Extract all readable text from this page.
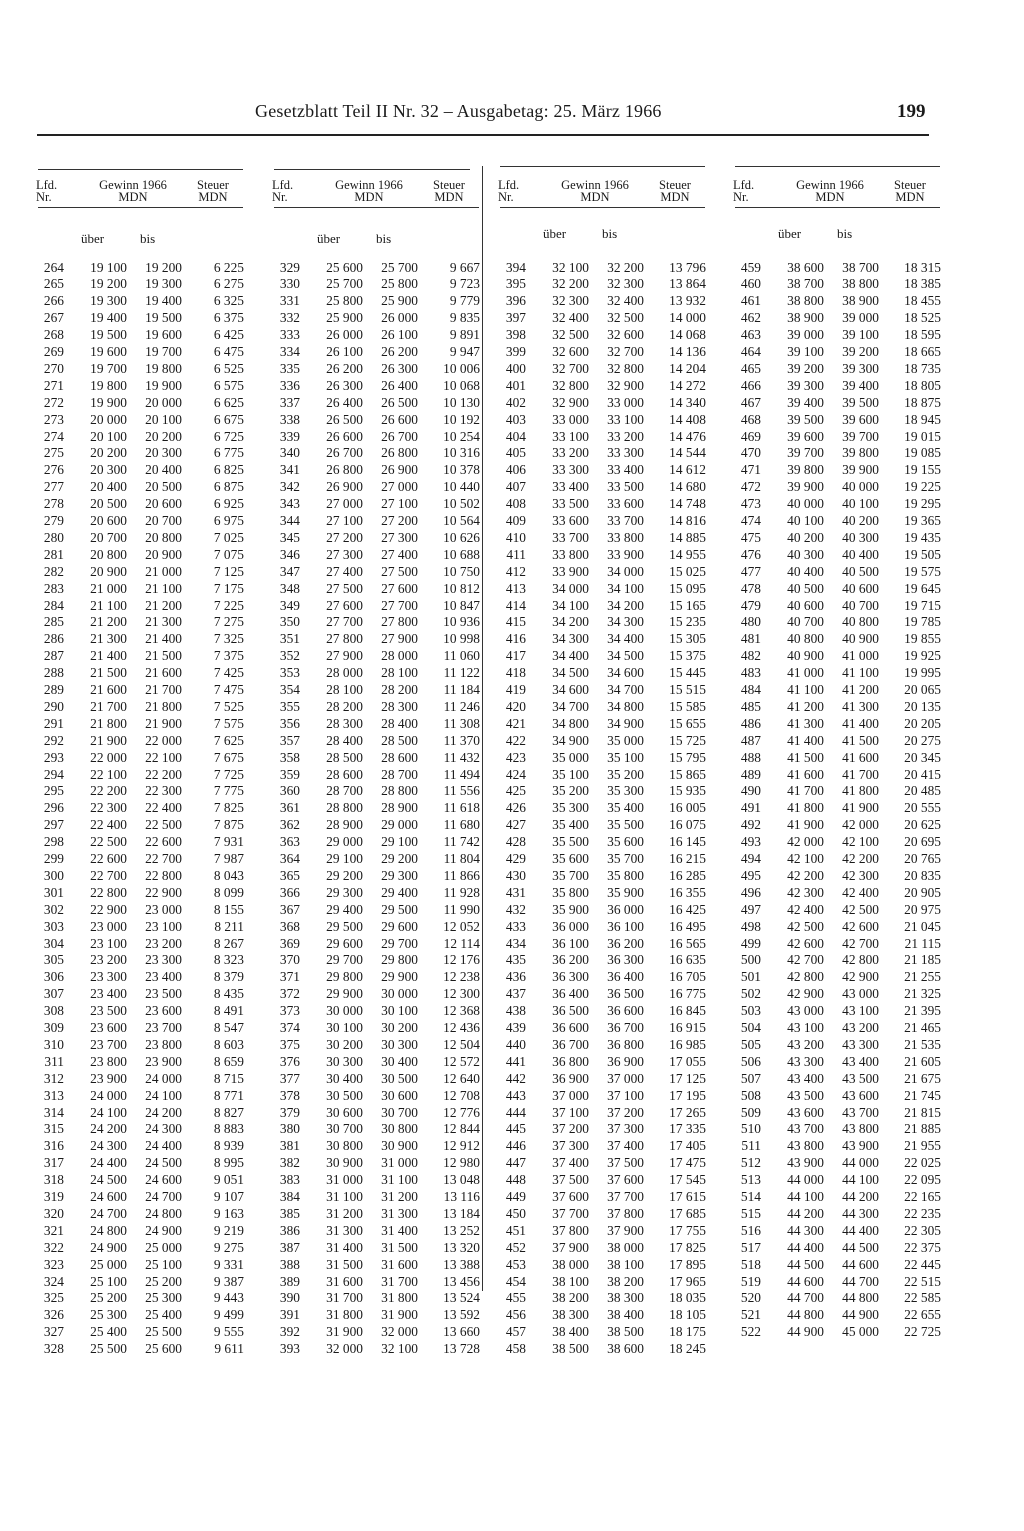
Gesetzblatt Teil II Nr. 32 – Ausgabetag: 25. März 1966	199
Lfd.
Nr.
Gewinn 1966
MDN
Steuer
MDN
über	bis
264	19 100	19 200	6 225
265	19 200	19 300	6 275
266	19 300	19 400	6 325
267	19 400	19 500	6 375
268	19 500	19 600	6 425
269	19 600	19 700	6 475
270	19 700	19 800	6 525
271	19 800	19 900	6 575
272	19 900	20 000	6 625
273	20 000	20 100	6 675
274	20 100	20 200	6 725
275	20 200	20 300	6 775
276	20 300	20 400	6 825
277	20 400	20 500	6 875
278	20 500	20 600	6 925
279	20 600	20 700	6 975
280	20 700	20 800	7 025
281	20 800	20 900	7 075
282	20 900	21 000	7 125
283	21 000	21 100	7 175
284	21 100	21 200	7 225
285	21 200	21 300	7 275
286	21 300	21 400	7 325
287	21 400	21 500	7 375
288	21 500	21 600	7 425
289	21 600	21 700	7 475
290	21 700	21 800	7 525
291	21 800	21 900	7 575
292	21 900	22 000	7 625
293	22 000	22 100	7 675
294	22 100	22 200	7 725
295	22 200	22 300	7 775
296	22 300	22 400	7 825
297	22 400	22 500	7 875
298	22 500	22 600	7 931
299	22 600	22 700	7 987
300	22 700	22 800	8 043
301	22 800	22 900	8 099
302	22 900	23 000	8 155
303	23 000	23 100	8 211
304	23 100	23 200	8 267
305	23 200	23 300	8 323
306	23 300	23 400	8 379
307	23 400	23 500	8 435
308	23 500	23 600	8 491
309	23 600	23 700	8 547
310	23 700	23 800	8 603
311	23 800	23 900	8 659
312	23 900	24 000	8 715
313	24 000	24 100	8 771
314	24 100	24 200	8 827
315	24 200	24 300	8 883
316	24 300	24 400	8 939
317	24 400	24 500	8 995
318	24 500	24 600	9 051
319	24 600	24 700	9 107
320	24 700	24 800	9 163
321	24 800	24 900	9 219
322	24 900	25 000	9 275
323	25 000	25 100	9 331
324	25 100	25 200	9 387
325	25 200	25 300	9 443
326	25 300	25 400	9 499
327	25 400	25 500	9 555
328	25 500	25 600	9 611
Lfd.
Nr.
Gewinn 1966
MDN
Steuer
MDN
über	bis
329	25 600	25 700	9 667
330	25 700	25 800	9 723
331	25 800	25 900	9 779
332	25 900	26 000	9 835
333	26 000	26 100	9 891
334	26 100	26 200	9 947
335	26 200	26 300	10 006
336	26 300	26 400	10 068
337	26 400	26 500	10 130
338	26 500	26 600	10 192
339	26 600	26 700	10 254
340	26 700	26 800	10 316
341	26 800	26 900	10 378
342	26 900	27 000	10 440
343	27 000	27 100	10 502
344	27 100	27 200	10 564
345	27 200	27 300	10 626
346	27 300	27 400	10 688
347	27 400	27 500	10 750
348	27 500	27 600	10 812
349	27 600	27 700	10 847
350	27 700	27 800	10 936
351	27 800	27 900	10 998
352	27 900	28 000	11 060
353	28 000	28 100	11 122
354	28 100	28 200	11 184
355	28 200	28 300	11 246
356	28 300	28 400	11 308
357	28 400	28 500	11 370
358	28 500	28 600	11 432
359	28 600	28 700	11 494
360	28 700	28 800	11 556
361	28 800	28 900	11 618
362	28 900	29 000	11 680
363	29 000	29 100	11 742
364	29 100	29 200	11 804
365	29 200	29 300	11 866
366	29 300	29 400	11 928
367	29 400	29 500	11 990
368	29 500	29 600	12 052
369	29 600	29 700	12 114
370	29 700	29 800	12 176
371	29 800	29 900	12 238
372	29 900	30 000	12 300
373	30 000	30 100	12 368
374	30 100	30 200	12 436
375	30 200	30 300	12 504
376	30 300	30 400	12 572
377	30 400	30 500	12 640
378	30 500	30 600	12 708
379	30 600	30 700	12 776
380	30 700	30 800	12 844
381	30 800	30 900	12 912
382	30 900	31 000	12 980
383	31 000	31 100	13 048
384	31 100	31 200	13 116
385	31 200	31 300	13 184
386	31 300	31 400	13 252
387	31 400	31 500	13 320
388	31 500	31 600	13 388
389	31 600	31 700	13 456
390	31 700	31 800	13 524
391	31 800	31 900	13 592
392	31 900	32 000	13 660
393	32 000	32 100	13 728
Lfd.
Nr.
Gewinn 1966
MDN
Steuer
MDN
über	bis
394	32 100	32 200	13 796
395	32 200	32 300	13 864
396	32 300	32 400	13 932
397	32 400	32 500	14 000
398	32 500	32 600	14 068
399	32 600	32 700	14 136
400	32 700	32 800	14 204
401	32 800	32 900	14 272
402	32 900	33 000	14 340
403	33 000	33 100	14 408
404	33 100	33 200	14 476
405	33 200	33 300	14 544
406	33 300	33 400	14 612
407	33 400	33 500	14 680
408	33 500	33 600	14 748
409	33 600	33 700	14 816
410	33 700	33 800	14 885
411	33 800	33 900	14 955
412	33 900	34 000	15 025
413	34 000	34 100	15 095
414	34 100	34 200	15 165
415	34 200	34 300	15 235
416	34 300	34 400	15 305
417	34 400	34 500	15 375
418	34 500	34 600	15 445
419	34 600	34 700	15 515
420	34 700	34 800	15 585
421	34 800	34 900	15 655
422	34 900	35 000	15 725
423	35 000	35 100	15 795
424	35 100	35 200	15 865
425	35 200	35 300	15 935
426	35 300	35 400	16 005
427	35 400	35 500	16 075
428	35 500	35 600	16 145
429	35 600	35 700	16 215
430	35 700	35 800	16 285
431	35 800	35 900	16 355
432	35 900	36 000	16 425
433	36 000	36 100	16 495
434	36 100	36 200	16 565
435	36 200	36 300	16 635
436	36 300	36 400	16 705
437	36 400	36 500	16 775
438	36 500	36 600	16 845
439	36 600	36 700	16 915
440	36 700	36 800	16 985
441	36 800	36 900	17 055
442	36 900	37 000	17 125
443	37 000	37 100	17 195
444	37 100	37 200	17 265
445	37 200	37 300	17 335
446	37 300	37 400	17 405
447	37 400	37 500	17 475
448	37 500	37 600	17 545
449	37 600	37 700	17 615
450	37 700	37 800	17 685
451	37 800	37 900	17 755
452	37 900	38 000	17 825
453	38 000	38 100	17 895
454	38 100	38 200	17 965
455	38 200	38 300	18 035
456	38 300	38 400	18 105
457	38 400	38 500	18 175
458	38 500	38 600	18 245
Lfd.
Nr.
Gewinn 1966
MDN
Steuer
MDN
über	bis
459	38 600	38 700	18 315
460	38 700	38 800	18 385
461	38 800	38 900	18 455
462	38 900	39 000	18 525
463	39 000	39 100	18 595
464	39 100	39 200	18 665
465	39 200	39 300	18 735
466	39 300	39 400	18 805
467	39 400	39 500	18 875
468	39 500	39 600	18 945
469	39 600	39 700	19 015
470	39 700	39 800	19 085
471	39 800	39 900	19 155
472	39 900	40 000	19 225
473	40 000	40 100	19 295
474	40 100	40 200	19 365
475	40 200	40 300	19 435
476	40 300	40 400	19 505
477	40 400	40 500	19 575
478	40 500	40 600	19 645
479	40 600	40 700	19 715
480	40 700	40 800	19 785
481	40 800	40 900	19 855
482	40 900	41 000	19 925
483	41 000	41 100	19 995
484	41 100	41 200	20 065
485	41 200	41 300	20 135
486	41 300	41 400	20 205
487	41 400	41 500	20 275
488	41 500	41 600	20 345
489	41 600	41 700	20 415
490	41 700	41 800	20 485
491	41 800	41 900	20 555
492	41 900	42 000	20 625
493	42 000	42 100	20 695
494	42 100	42 200	20 765
495	42 200	42 300	20 835
496	42 300	42 400	20 905
497	42 400	42 500	20 975
498	42 500	42 600	21 045
499	42 600	42 700	21 115
500	42 700	42 800	21 185
501	42 800	42 900	21 255
502	42 900	43 000	21 325
503	43 000	43 100	21 395
504	43 100	43 200	21 465
505	43 200	43 300	21 535
506	43 300	43 400	21 605
507	43 400	43 500	21 675
508	43 500	43 600	21 745
509	43 600	43 700	21 815
510	43 700	43 800	21 885
511	43 800	43 900	21 955
512	43 900	44 000	22 025
513	44 000	44 100	22 095
514	44 100	44 200	22 165
515	44 200	44 300	22 235
516	44 300	44 400	22 305
517	44 400	44 500	22 375
518	44 500	44 600	22 445
519	44 600	44 700	22 515
520	44 700	44 800	22 585
521	44 800	44 900	22 655
522	44 900	45 000	22 725
